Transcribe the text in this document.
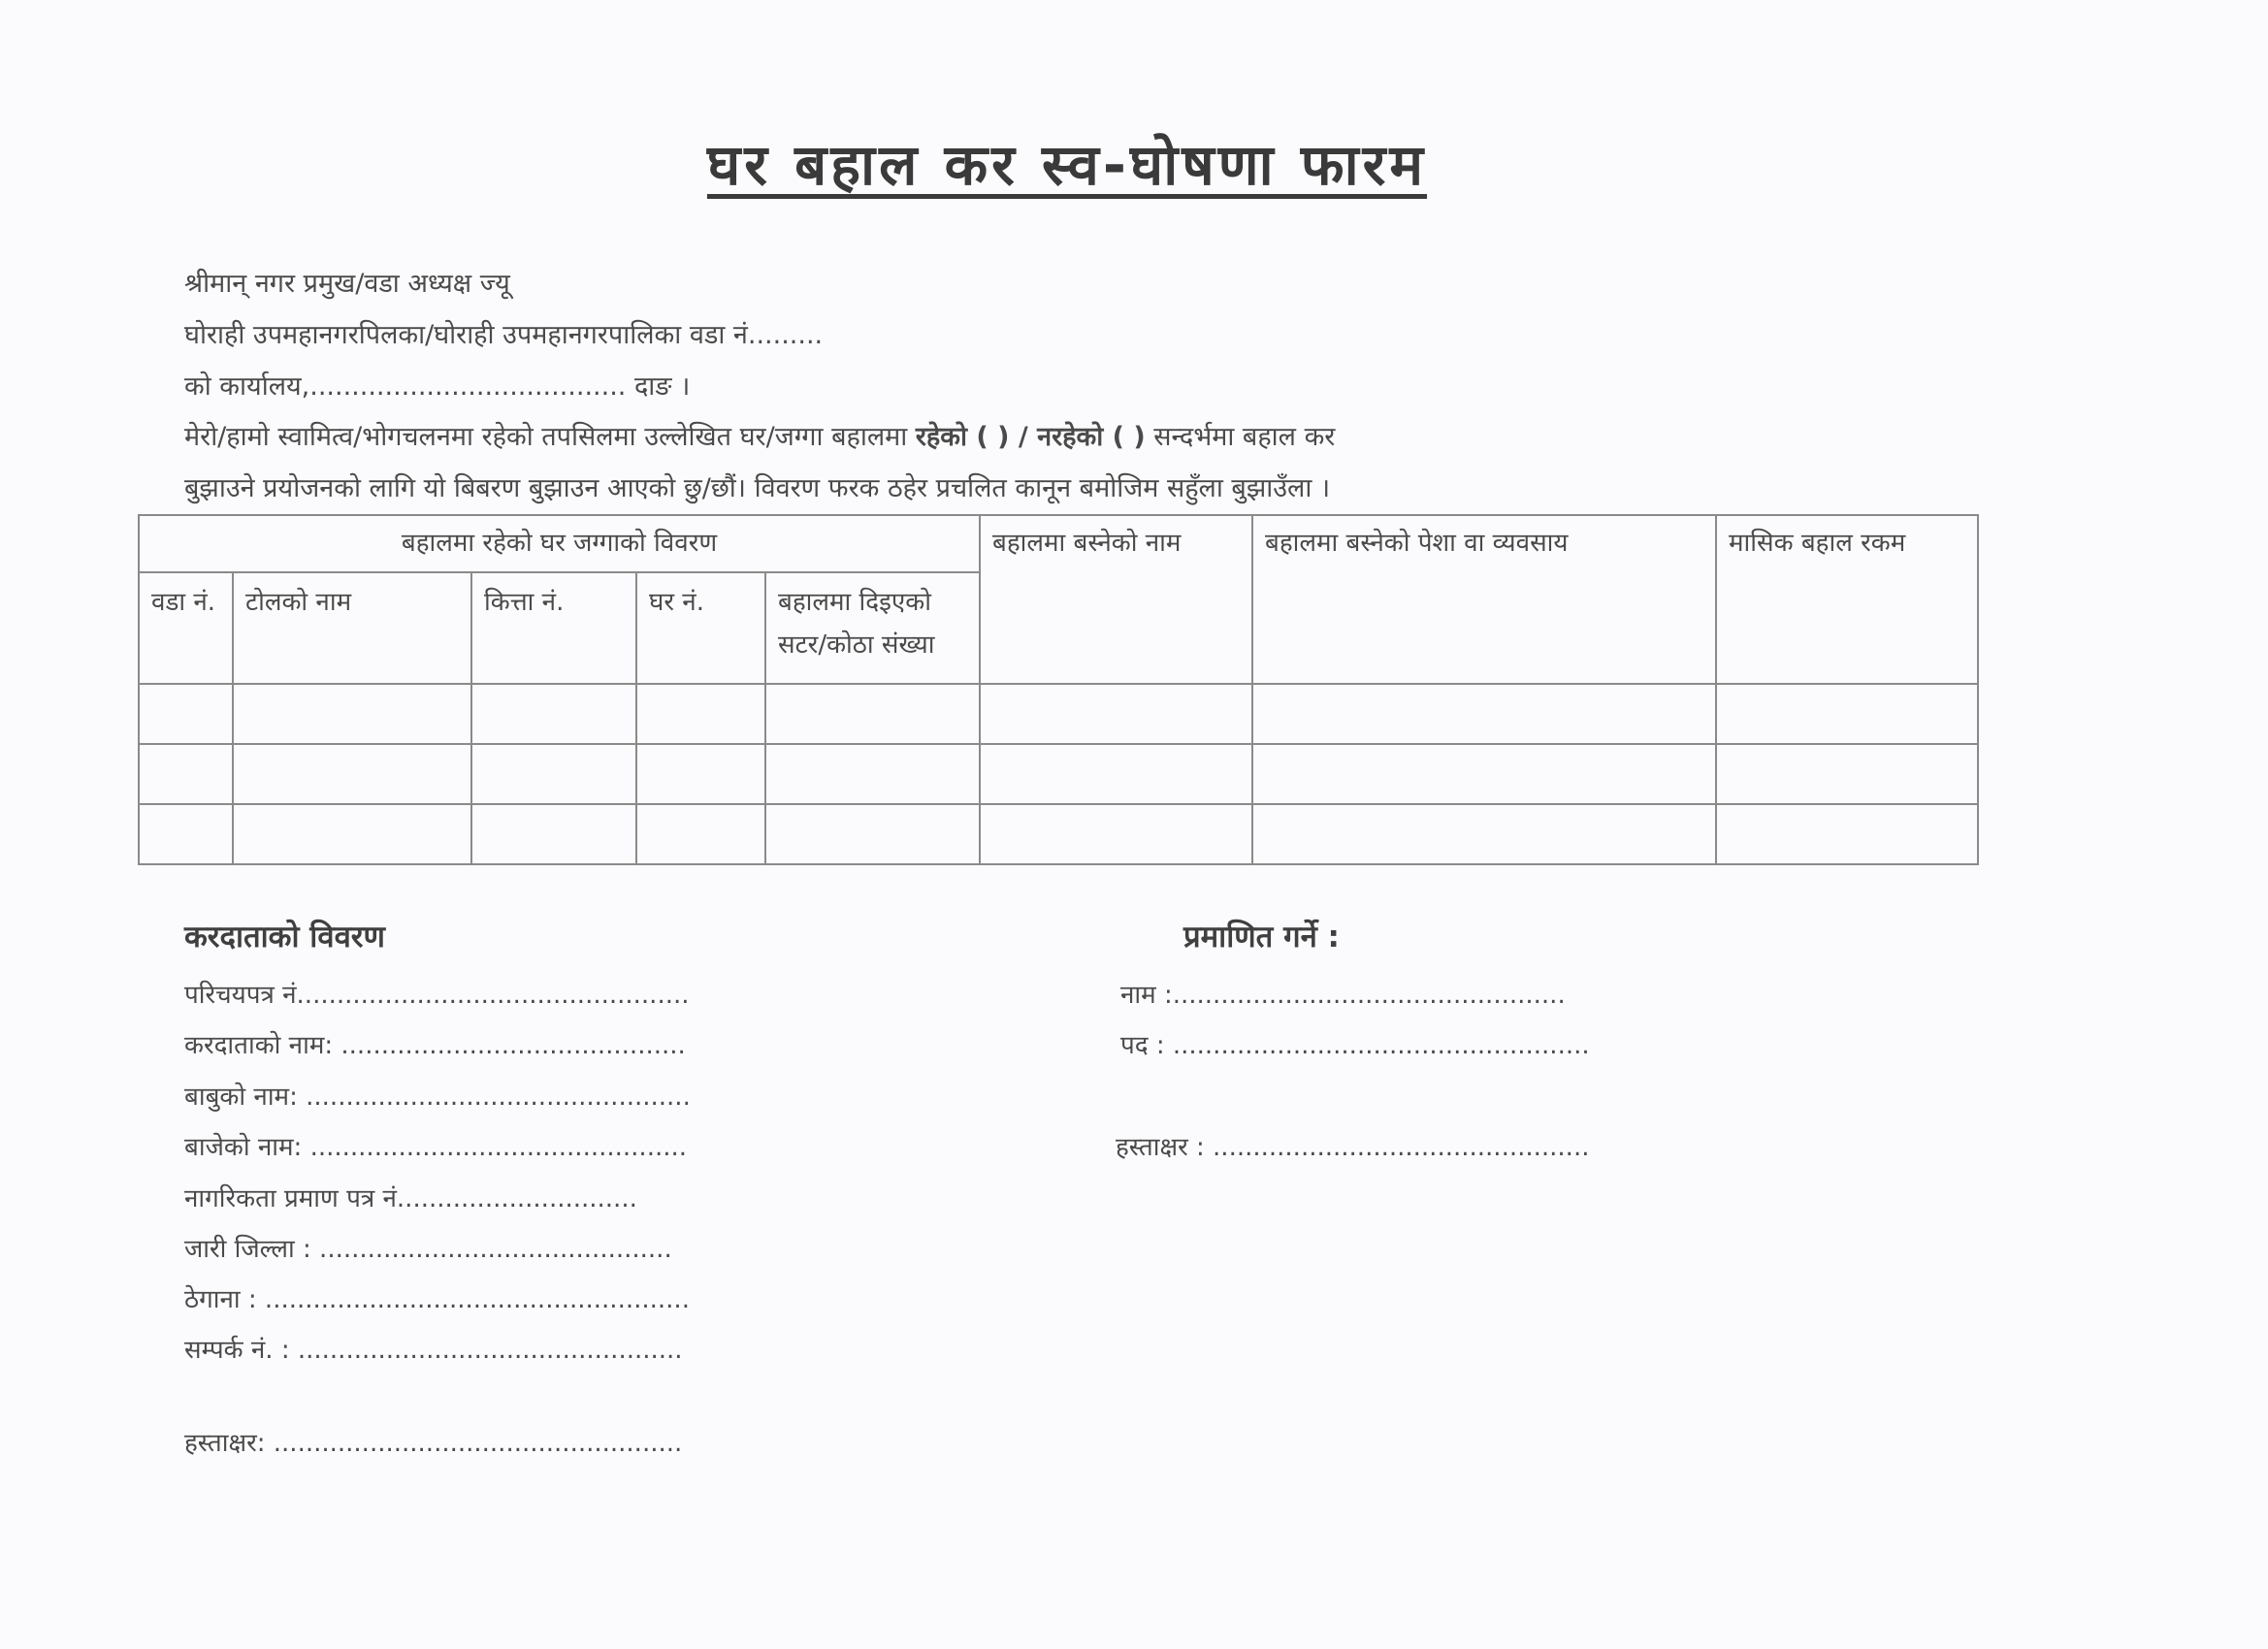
घर बहाल कर स्व-घोषणा फारम
श्रीमान् नगर प्रमुख/वडा अध्यक्ष ज्यू
घोराही उपमहानगरपिलका/घोराही उपमहानगरपालिका वडा नं.........
को कार्यालय,...................................... दाङ ।
मेरो/हामो स्वामित्व/भोगचलनमा रहेको तपसिलमा उल्लेखित घर/जग्गा बहालमा रहेको ( ) / नरहेको ( ) सन्दर्भमा बहाल कर
बुझाउने प्रयोजनको लागि यो बिबरण बुझाउन आएको छु/छौं। विवरण फरक ठहेर प्रचलित कानून बमोजिम सहुँला बुझाउँला ।
बहालमा रहेको घर जग्गाको विवरण					बहालमा बस्नेको नाम	बहालमा बस्नेको पेशा वा व्यवसाय	मासिक बहाल रकम
वडा नं.	टोलको नाम	कित्ता नं.	घर नं.	बहालमा दिइएको सटर/कोठा संख्या			

करदाताको विवरण
परिचयपत्र नं.................................................
करदाताको नाम: ...........................................
बाबुको नाम: ................................................
बाजेको नाम: ...............................................
नागरिकता प्रमाण पत्र नं..............................
जारी जिल्ला : ............................................
ठेगाना : .....................................................
सम्पर्क नं. : ................................................
हस्ताक्षर: ...................................................
प्रमाणित गर्ने :
नाम :.................................................
पद : ....................................................
हस्ताक्षर : ...............................................
